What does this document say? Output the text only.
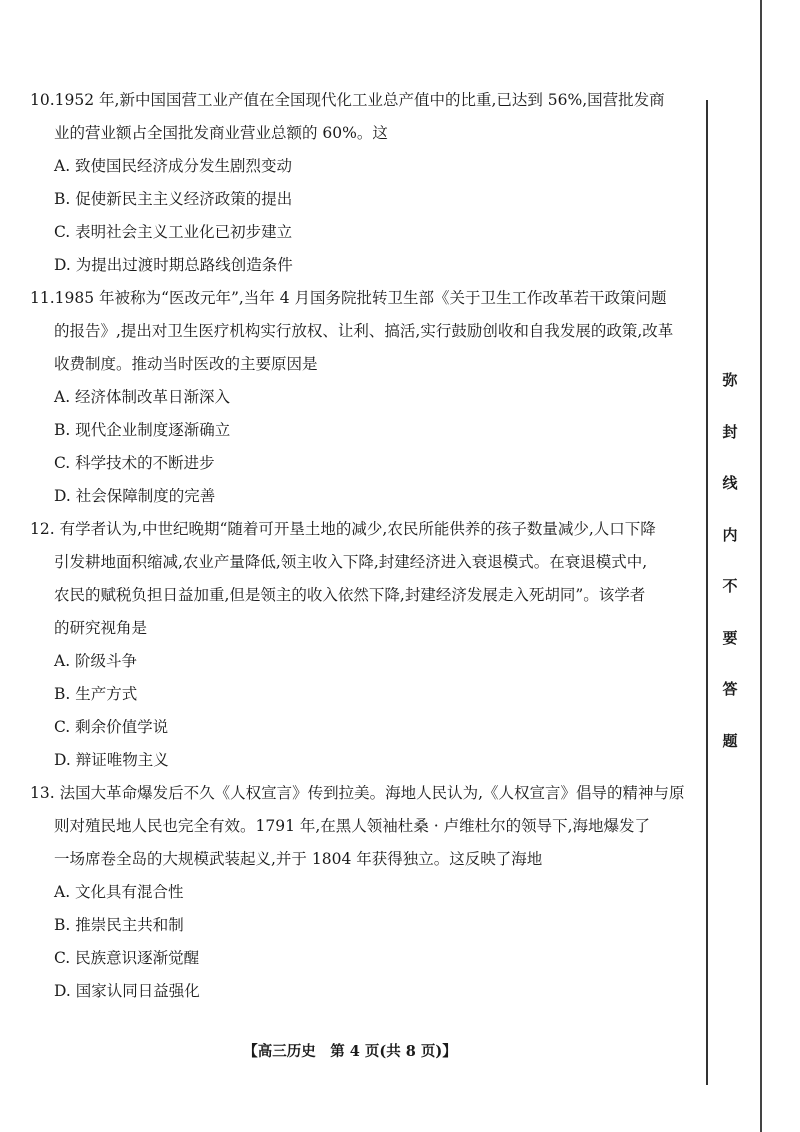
10.1952 年,新中国国营工业产值在全国现代化工业总产值中的比重,已达到 56%,国营批发商
业的营业额占全国批发商业营业总额的 60%。这

A. 致使国民经济成分发生剧烈变动

B. 促使新民主主义经济政策的提出

C. 表明社会主义工业化已初步建立

D. 为提出过渡时期总路线创造条件

11.1985 年被称为“医改元年”,当年 4 月国务院批转卫生部《关于卫生工作改革若干政策问题
的报告》,提出对卫生医疗机构实行放权、让利、搞活,实行鼓励创收和自我发展的政策,改革
收费制度。推动当时医改的主要原因是

A. 经济体制改革日渐深入

B. 现代企业制度逐渐确立

C. 科学技术的不断进步

D. 社会保障制度的完善

12. 有学者认为,中世纪晚期“随着可开垦土地的减少,农民所能供养的孩子数量减少,人口下降
引发耕地面积缩减,农业产量降低,领主收入下降,封建经济进入衰退模式。在衰退模式中,
农民的赋税负担日益加重,但是领主的收入依然下降,封建经济发展走入死胡同”。该学者
的研究视角是

A. 阶级斗争

B. 生产方式

C. 剩余价值学说

D. 辩证唯物主义

13. 法国大革命爆发后不久《人权宣言》传到拉美。海地人民认为,《人权宣言》倡导的精神与原
则对殖民地人民也完全有效。1791 年,在黑人领袖杜桑 · 卢维杜尔的领导下,海地爆发了
一场席卷全岛的大规模武装起义,并于 1804 年获得独立。这反映了海地

A. 文化具有混合性

B. 推崇民主共和制

C. 民族意识逐渐觉醒

D. 国家认同日益强化

弥
封
线
内
不
要
答
题
【高三历史　第 4 页(共 8 页)】
